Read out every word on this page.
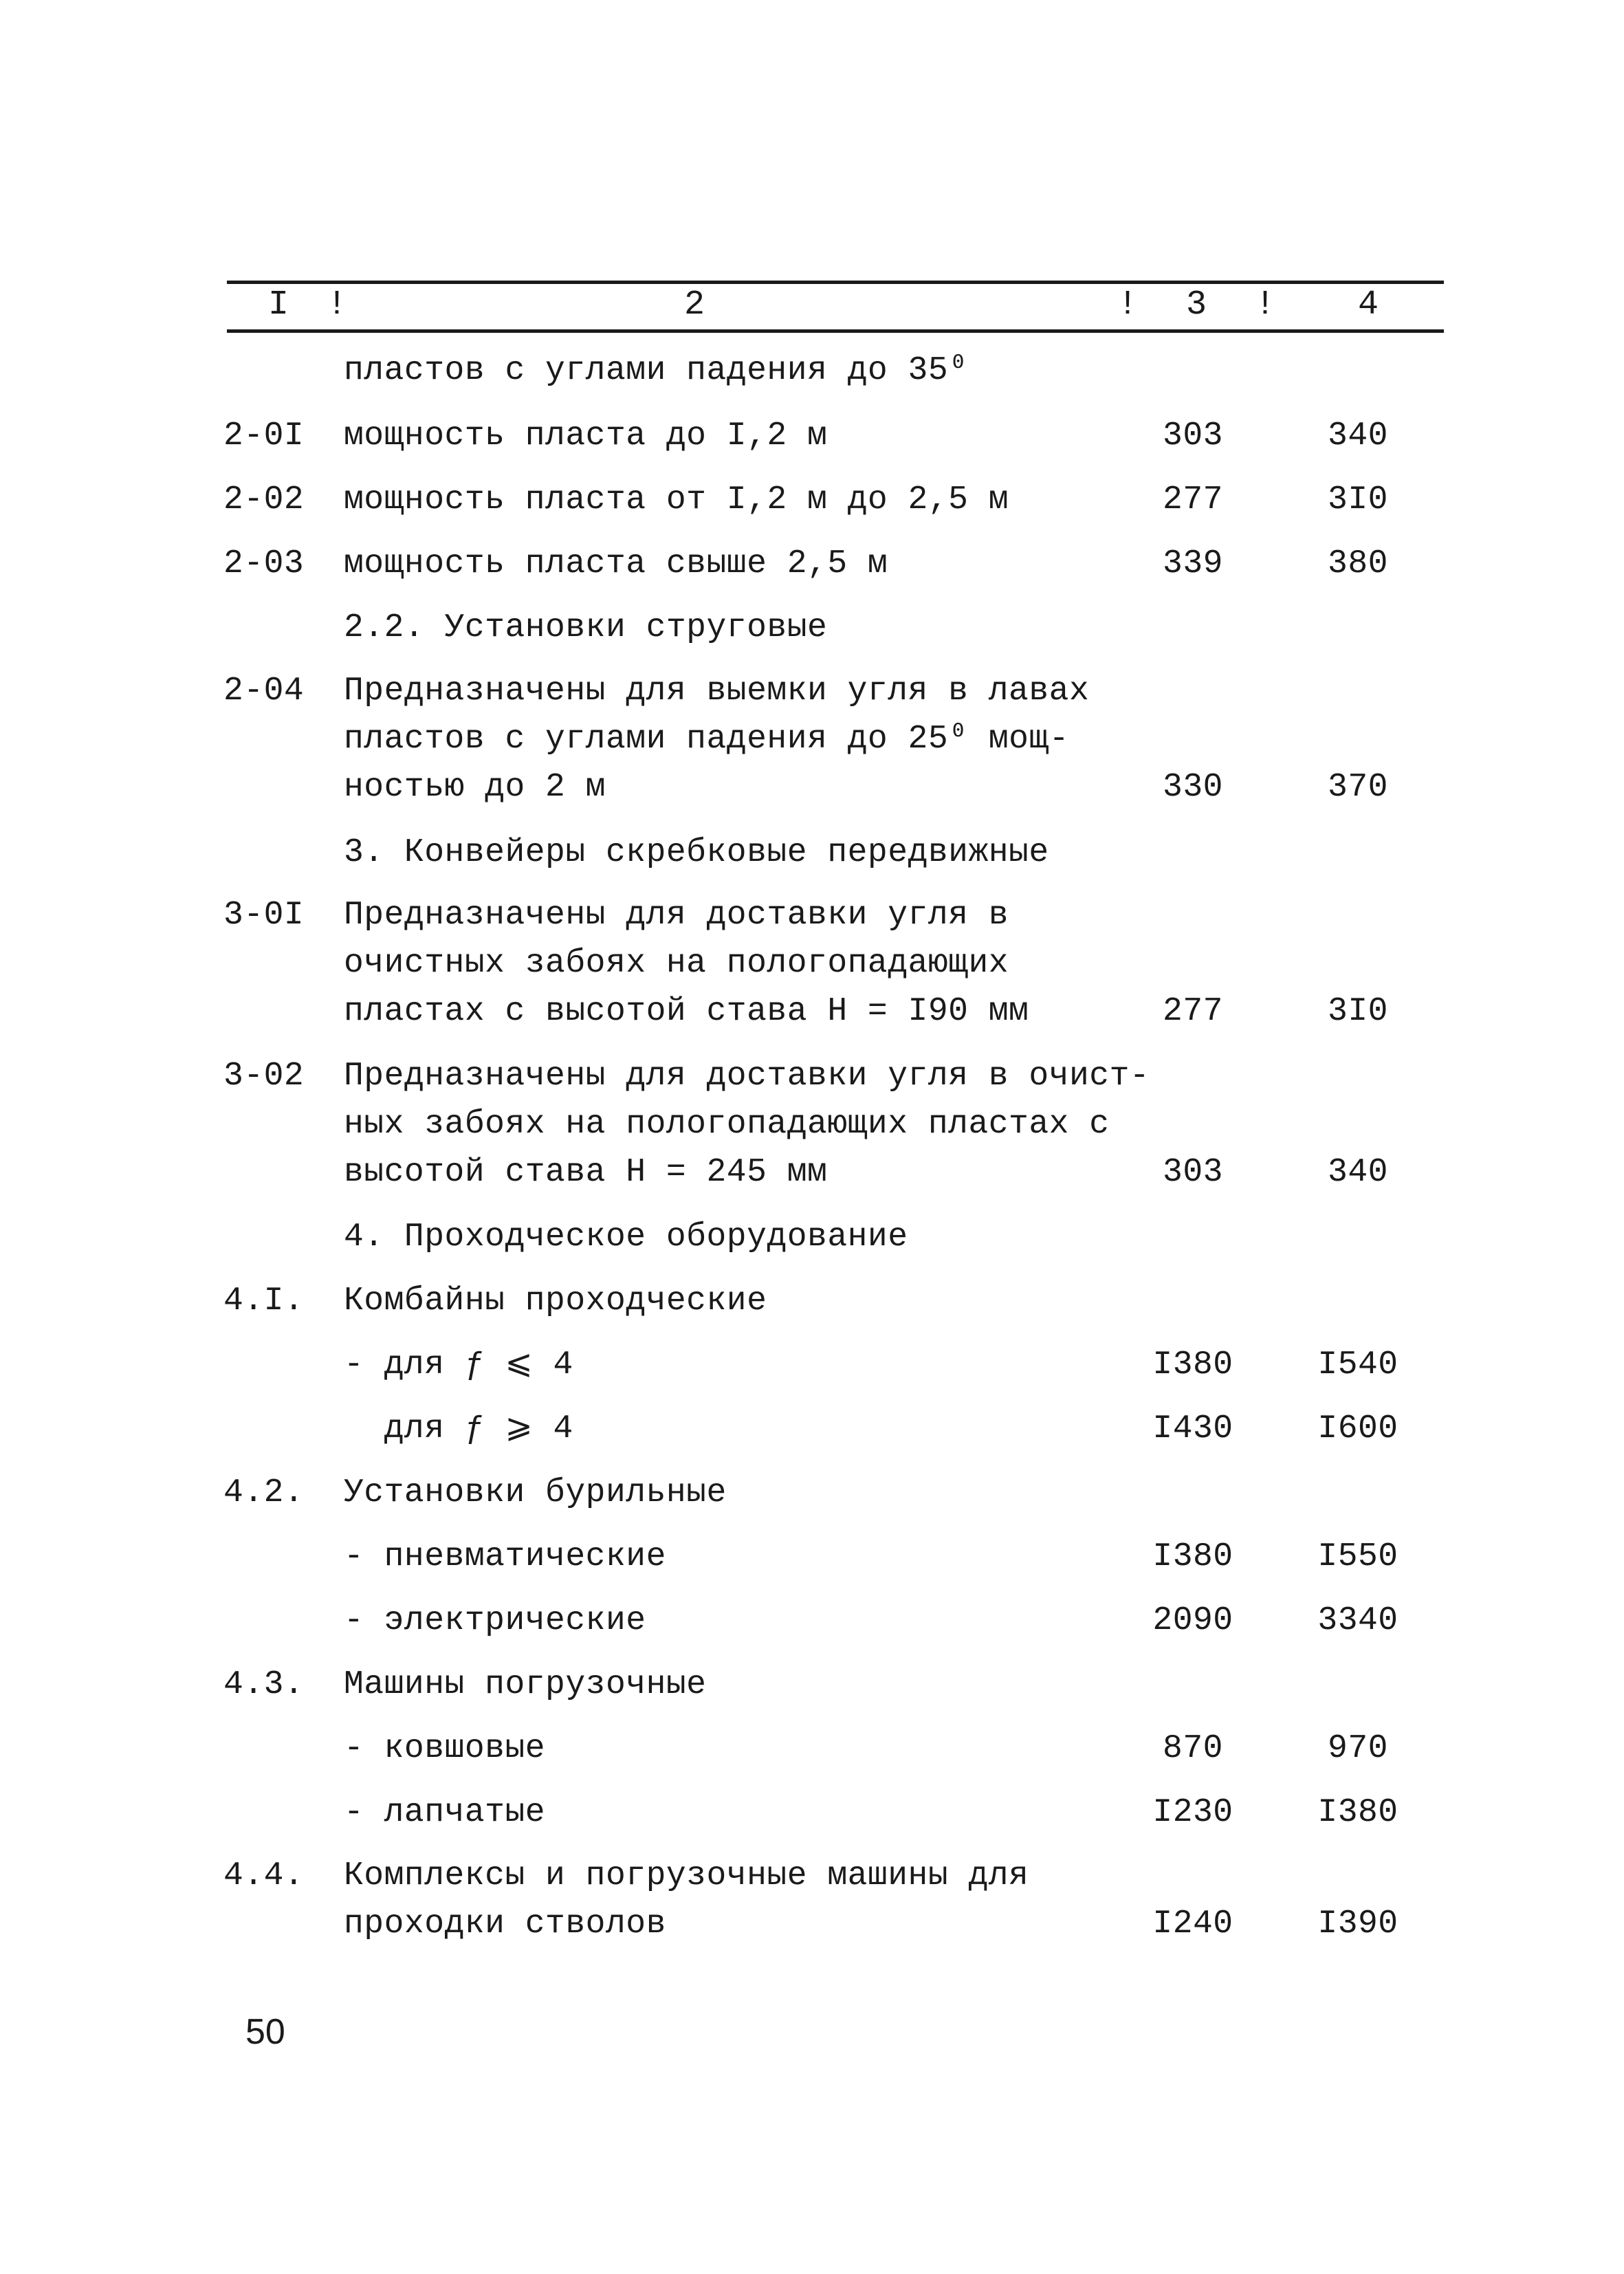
I	!	2	!	3	!	4
пластов с углами падения до 35⁰
2-0I	мощность пласта до I,2 м	303	340
2-02	мощность пласта от I,2 м до 2,5 м	277	3I0
2-03	мощность пласта свыше 2,5 м	339	380
2.2. Установки струговые
2-04	Предназначены для выемки угля в лавах
пластов с углами падения до 25⁰ мощ-
ностью до 2 м	330	370
3. Конвейеры скребковые передвижные
3-0I	Предназначены для доставки угля в
очистных забоях на пологопадающих
пластах с высотой става Н = I90 мм	277	3I0
3-02	Предназначены для доставки угля в очист-
ных забоях на пологопадающих пластах с
высотой става Н = 245 мм	303	340
4. Проходческое оборудование
4.I.	Комбайны проходческие
- для ƒ ⩽ 4	I380	I540
для ƒ ⩾ 4	I430	I600
4.2.	Установки бурильные
- пневматические	I380	I550
- электрические	2090	3340
4.3.	Машины погрузочные
- ковшовые	870	970
- лапчатые	I230	I380
4.4.	Комплексы и погрузочные машины для
проходки стволов	I240	I390
50
